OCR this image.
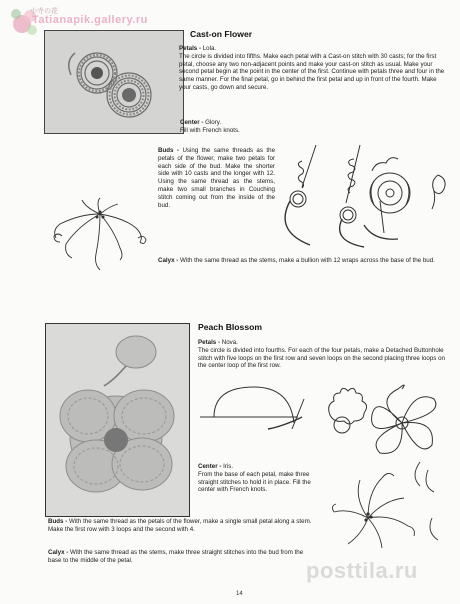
小寺の花
Tatianapik.gallery.ru
Cast-on Flower
Petals - Lola.
The circle is divided into fifths. Make each petal with a Cast-on stitch with 30 casts; for the first petal, choose any two non-adjacent points and make your cast-on stitch as usual. Make your second petal begin at the point in the center of the first. Continue with petals three and four in the same manner. For the final petal, go in behind the first petal and up in front of the fourth. Make your casts, go down and secure.
Center - Glory.
Fill with French knots.
Buds - Using the same threads as the petals of the flower, make two petals for each side of the bud. Make the shorter side with 10 casts and the longer with 12. Using the same thread as the stems, make two small branches in Couching stitch coming out from the inside of the bud.
Calyx - With the same thread as the stems, make a bullion with 12 wraps across the base of the bud.
Peach Blossom
Petals - Nova.
The circle is divided into fourths. For each of the four petals, make a Detached Buttonhole stitch with five loops on the first row and seven loops on the second placing three loops on the center loop of the first row.
Center - Iris.
From the base of each petal, make three straight stitches to hold it in place. Fill the center with French knots.
Buds - With the same thread as the petals of the flower, make a single small petal along a stem. Make the first row with 3 loops and the second with 4.
Calyx - With the same thread as the stems, make three straight stitches into the bud from the base to the middle of the petal.	posttila.ru
14
